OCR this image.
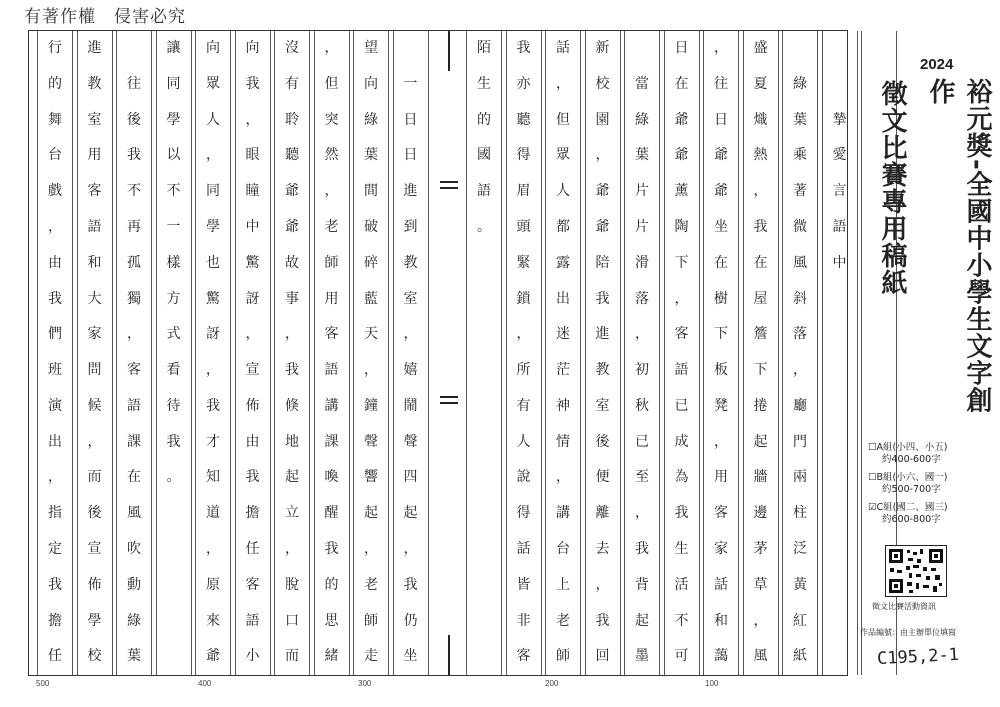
有著作權　侵害必究
行
的
舞
台
戲
，
由
我
們
班
演
出
，
指
定
我
擔
任
進
教
室
用
客
語
和
大
家
問
候
，
而
後
宣
佈
學
校
往
後
我
不
再
孤
獨
，
客
語
課
在
風
吹
動
綠
葉
讓
同
學
以
不
一
樣
方
式
看
待
我
。
向
眾
人
，
同
學
也
驚
訝
，
我
才
知
道
，
原
來
爺
向
我
，
眼
瞳
中
驚
訝
，
宣
佈
由
我
擔
任
客
語
小
沒
有
聆
聽
爺
爺
故
事
，
我
倏
地
起
立
，
脫
口
而
，
但
突
然
，
老
師
用
客
語
講
課
喚
醒
我
的
思
緒
望
向
綠
葉
間
破
碎
藍
天
，
鐘
聲
響
起
，
老
師
走
一
日
日
進
到
教
室
，
嬉
鬧
聲
四
起
，
我
仍
坐
陌
生
的
國
語
。
我
亦
聽
得
眉
頭
緊
鎖
，
所
有
人
說
得
話
皆
非
客
話
，
但
眾
人
都
露
出
迷
茫
神
情
，
講
台
上
老
師
新
校
園
，
爺
爺
陪
我
進
教
室
後
便
離
去
，
我
回
當
綠
葉
片
片
滑
落
，
初
秋
已
至
，
我
背
起
墨
日
在
爺
爺
薰
陶
下
，
客
語
已
成
為
我
生
活
不
可
，
往
日
爺
爺
坐
在
樹
下
板
凳
，
用
客
家
話
和
藹
盛
夏
熾
熱
，
我
在
屋
簷
下
捲
起
牆
邊
茅
草
，
風
綠
葉
乘
著
微
風
斜
落
，
廳
門
兩
柱
泛
黃
紅
紙
摯
愛
言
語
中
500	400	300	200	100
2024
裕元獎-全國中小學生文字創作
徵文比賽專用稿紙
☐A組(小四、小五)
約400-600字
☐B組(小六、國一)
約500-700字
☑C組(國二、國三)
約600-800字
徵文比賽活動資訊
作品編號：由主辦單位填寫
C195,2-1
